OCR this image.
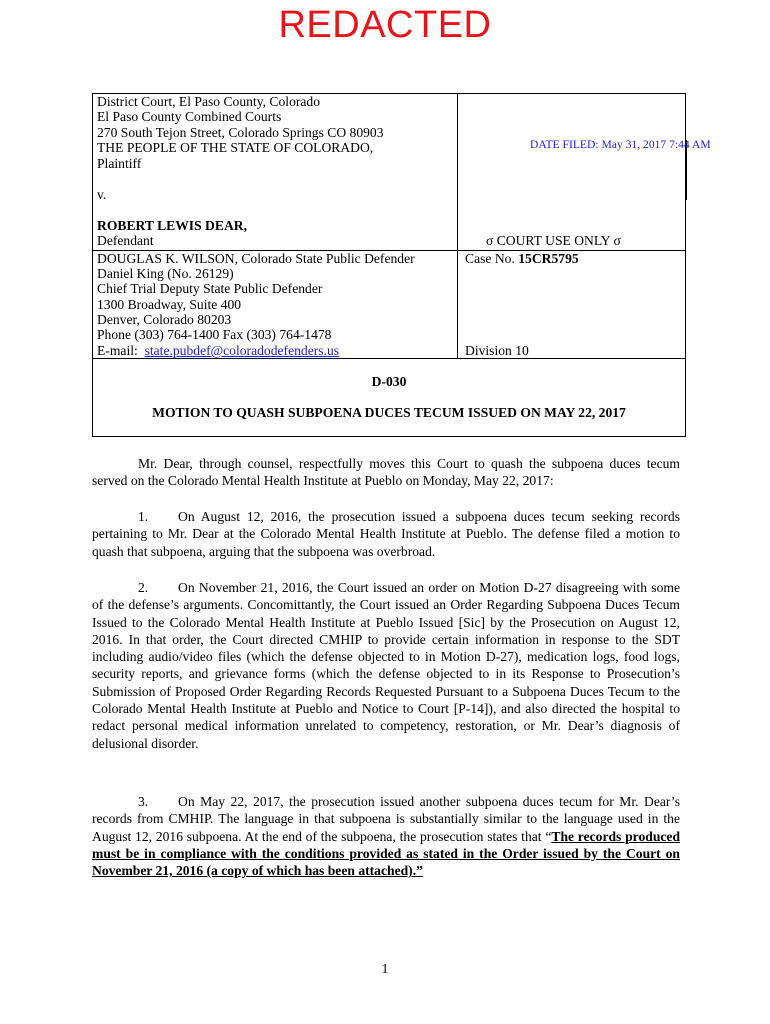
REDACTED
District Court, El Paso County, Colorado
El Paso County Combined Courts
270 South Tejon Street, Colorado Springs CO 80903
THE PEOPLE OF THE STATE OF COLORADO,
Plaintiff
v.
ROBERT LEWIS DEAR,
Defendant
DOUGLAS K. WILSON, Colorado State Public Defender
Daniel King (No. 26129)
Chief Trial Deputy State Public Defender
1300 Broadway, Suite 400
Denver, Colorado 80203
Phone (303) 764-1400 Fax (303) 764-1478
E-mail: state.pubdef@coloradodefenders.us
DATE FILED: May 31, 2017 7:44 AM
σ COURT USE ONLY σ
Case No. 15CR5795
Division 10
D-030
MOTION TO QUASH SUBPOENA DUCES TECUM ISSUED ON MAY 22, 2017

Mr. Dear, through counsel, respectfully moves this Court to quash the subpoena duces tecum served on the Colorado Mental Health Institute at Pueblo on Monday, May 22, 2017:

1. On August 12, 2016, the prosecution issued a subpoena duces tecum seeking records pertaining to Mr. Dear at the Colorado Mental Health Institute at Pueblo. The defense filed a motion to quash that subpoena, arguing that the subpoena was overbroad.

2. On November 21, 2016, the Court issued an order on Motion D-27 disagreeing with some of the defense’s arguments. Concomittantly, the Court issued an Order Regarding Subpoena Duces Tecum Issued to the Colorado Mental Health Institute at Pueblo Issued [Sic] by the Prosecution on August 12, 2016. In that order, the Court directed CMHIP to provide certain information in response to the SDT including audio/video files (which the defense objected to in Motion D-27), medication logs, food logs, security reports, and grievance forms (which the defense objected to in its Response to Prosecution’s Submission of Proposed Order Regarding Records Requested Pursuant to a Subpoena Duces Tecum to the Colorado Mental Health Institute at Pueblo and Notice to Court [P-14]), and also directed the hospital to redact personal medical information unrelated to competency, restoration, or Mr. Dear’s diagnosis of delusional disorder.

3. On May 22, 2017, the prosecution issued another subpoena duces tecum for Mr. Dear’s records from CMHIP. The language in that subpoena is substantially similar to the language used in the August 12, 2016 subpoena. At the end of the subpoena, the prosecution states that “The records produced must be in compliance with the conditions provided as stated in the Order issued by the Court on November 21, 2016 (a copy of which has been attached).”

1
